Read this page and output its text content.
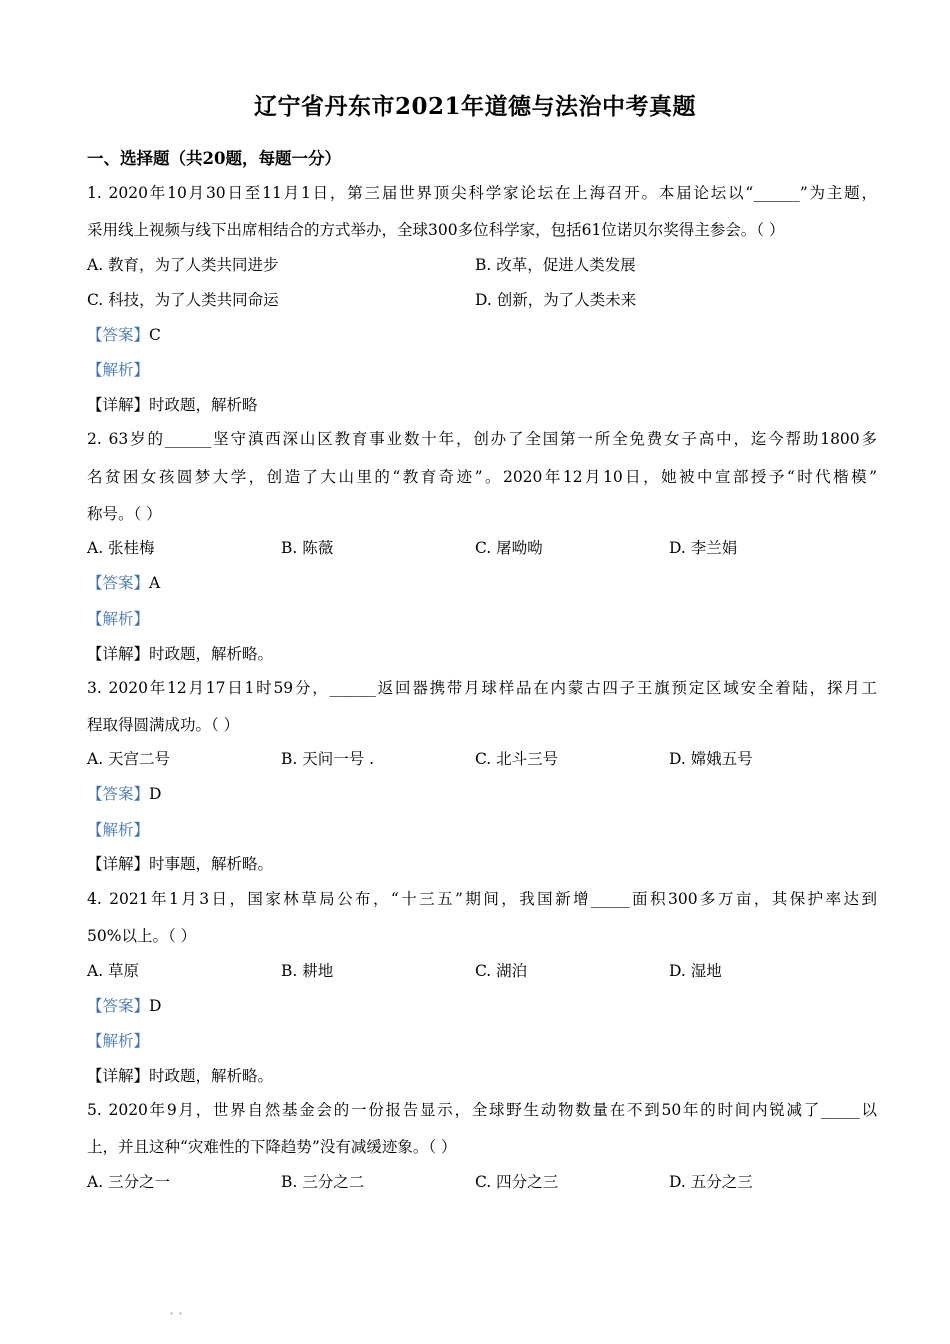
辽宁省丹东市2021年道德与法治中考真题
一、选择题（共20题，每题一分）
1. 2020年10月30日至11月1日，第三届世界顶尖科学家论坛在上海召开。本届论坛以“______”为主题，
采用线上视频与线下出席相结合的方式举办，全球300多位科学家，包括61位诺贝尔奖得主参会。（ ）
A. 教育，为了人类共同进步	B. 改革，促进人类发展
C. 科技，为了人类共同命运	D. 创新，为了人类未来
【答案】C
【解析】
【详解】时政题，解析略
2. 63岁的______坚守滇西深山区教育事业数十年，创办了全国第一所全免费女子高中，迄今帮助1800多
名贫困女孩圆梦大学，创造了大山里的“教育奇迹”。2020年12月10日，她被中宣部授予“时代楷模”
称号。（ ）
A. 张桂梅	B. 陈薇	C. 屠呦呦	D. 李兰娟
【答案】A
【解析】
【详解】时政题，解析略。
3. 2020年12月17日1时59分，______返回器携带月球样品在内蒙古四子王旗预定区域安全着陆，探月工
程取得圆满成功。（ ）
A. 天宫二号	B. 天问一号 .	C. 北斗三号	D. 嫦娥五号
【答案】D
【解析】
【详解】时事题，解析略。
4. 2021年1月3日，国家林草局公布，“十三五”期间，我国新增_____面积300多万亩，其保护率达到
50%以上。（ ）
A. 草原	B. 耕地	C. 湖泊	D. 湿地
【答案】D
【解析】
【详解】时政题，解析略。
5. 2020年9月，世界自然基金会的一份报告显示，全球野生动物数量在不到50年的时间内锐减了_____以
上，并且这种“灾难性的下降趋势”没有减缓迹象。（ ）
A. 三分之一	B. 三分之二	C. 四分之三	D. 五分之三
